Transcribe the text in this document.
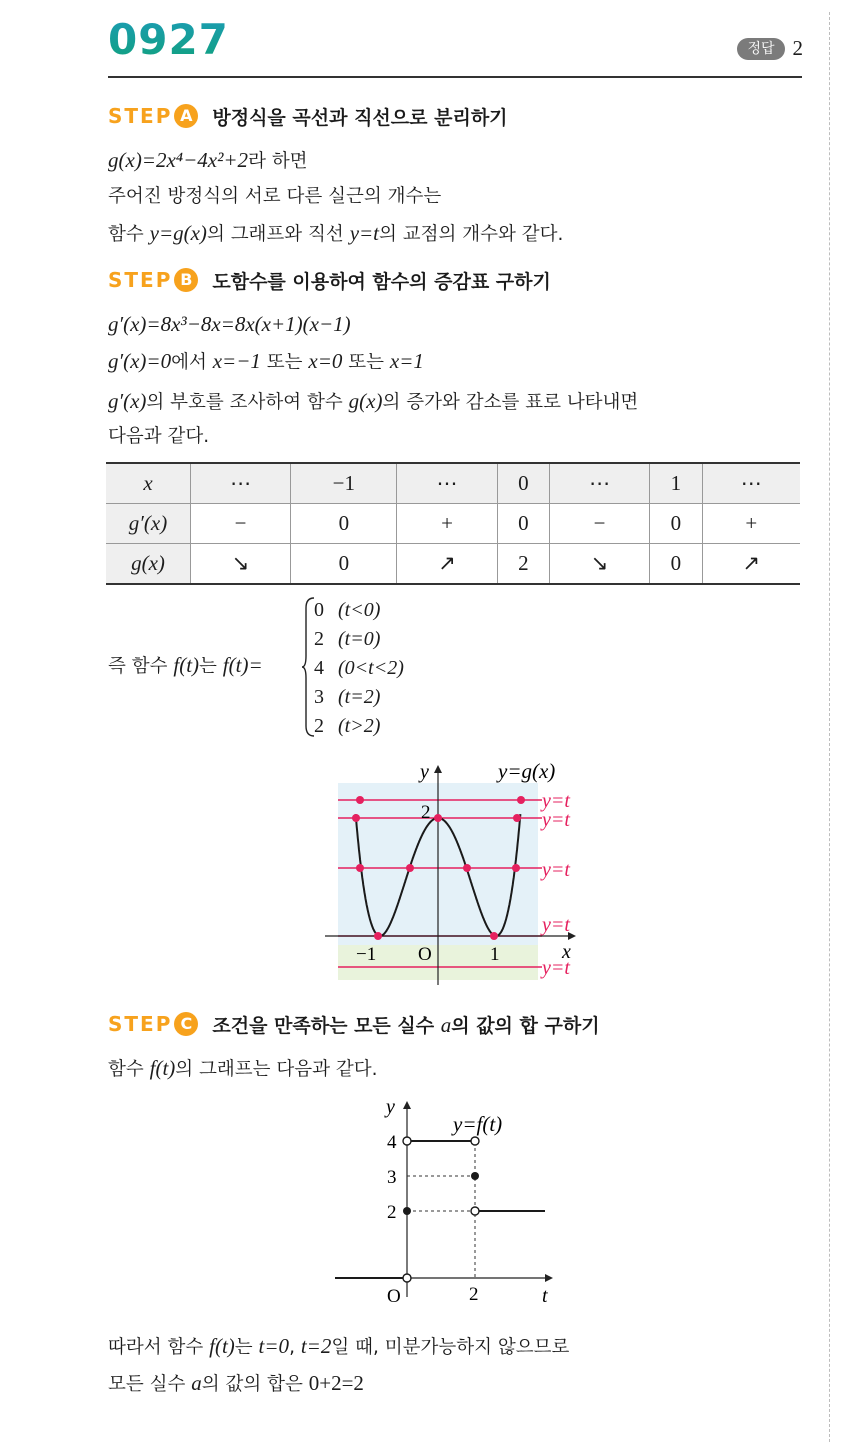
0927	정답 2
STEP A	방정식을 곡선과 직선으로 분리하기
g(x)=2x⁴−4x²+2라 하면
주어진 방정식의 서로 다른 실근의 개수는
함수 y=g(x)의 그래프와 직선 y=t의 교점의 개수와 같다.
STEP B	도함수를 이용하여 함수의 증감표 구하기
g′(x)=8x³−8x=8x(x+1)(x−1)
g′(x)=0에서 x=−1 또는 x=0 또는 x=1
g′(x)의 부호를 조사하여 함수 g(x)의 증가와 감소를 표로 나타내면
다음과 같다.
x	⋯	−1	⋯	0	⋯	1	⋯
g′(x)	−	0	+	0	−	0	+
g(x)	↘	0	↗	2	↘	0	↗
즉 함수 f(t)는 f(t)=
0 (t<0)
2 (t=0)
4 (0<t<2)
3 (t=2)
2 (t>2)
y	y=g(x)
2
x
−1 O	1
y=t
y=t
y=t
y=t
y=t
STEP C	조건을 만족하는 모든 실수 a의 값의 합 구하기
함수 f(t)의 그래프는 다음과 같다.
y
y=f(t)
4
3
2
O	2	t
따라서 함수 f(t)는 t=0, t=2일 때, 미분가능하지 않으므로
모든 실수 a의 값의 합은 0+2=2
